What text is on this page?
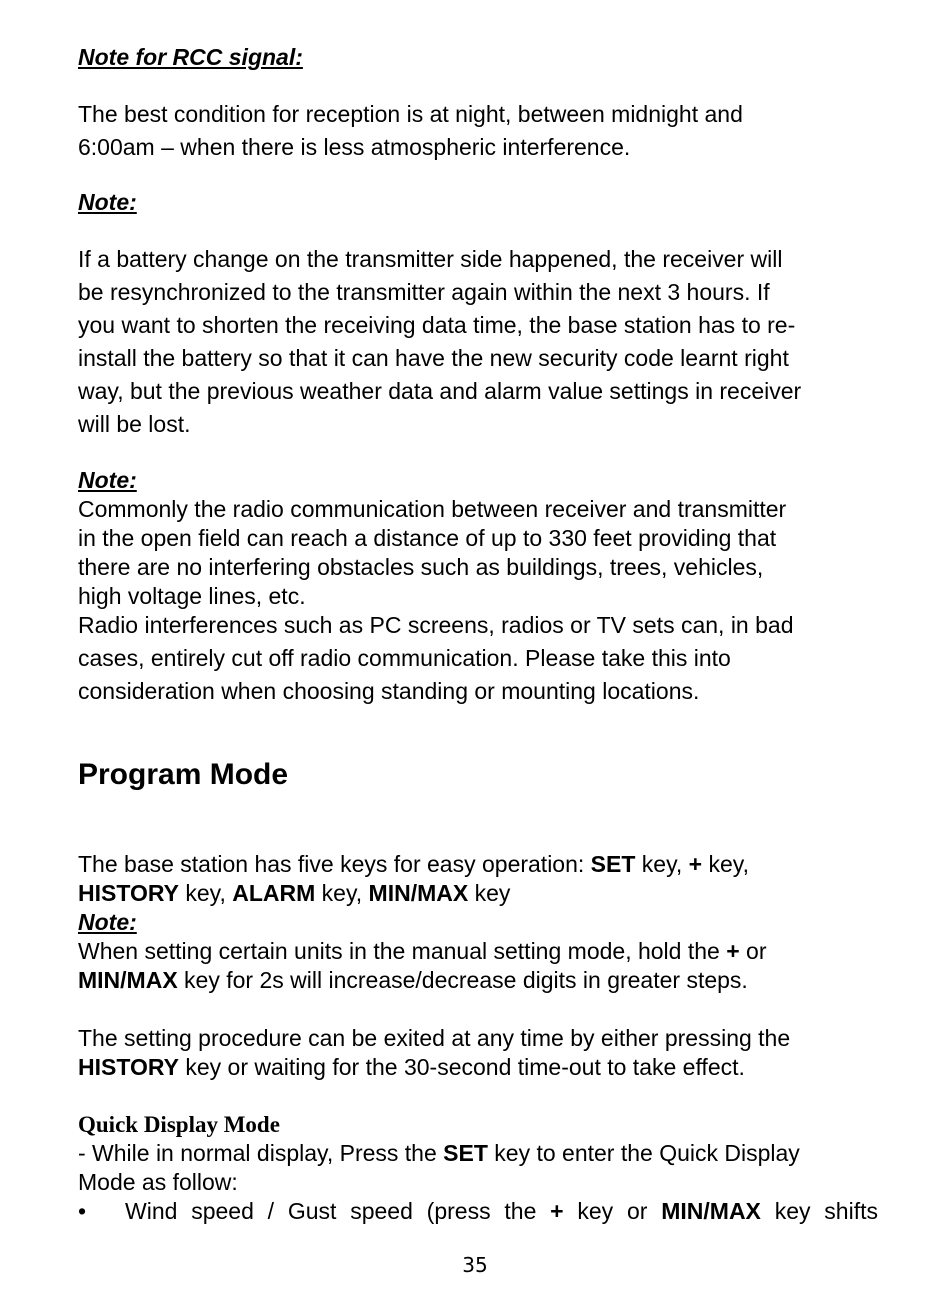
Note for RCC signal:

The best condition for reception is at night, between midnight and
6:00am – when there is less atmospheric interference.

Note:

If a battery change on the transmitter side happened, the receiver will
be resynchronized to the transmitter again within the next 3 hours. If
you want to shorten the receiving data time, the base station has to re-
install the battery so that it can have the new security code learnt right
way, but the previous weather data and alarm value settings in receiver
will be lost.

Note:

Commonly the radio communication between receiver and transmitter
in the open field can reach a distance of up to 330 feet providing that
there are no interfering obstacles such as buildings, trees, vehicles,
high voltage lines, etc.
Radio interferences such as PC screens, radios or TV sets can, in bad
cases, entirely cut off radio communication. Please take this into
consideration when choosing standing or mounting locations.
Program Mode
The base station has five keys for easy operation: SET key, + key,
HISTORY key, ALARM key, MIN/MAX key

Note:

When setting certain units in the manual setting mode, hold the + or
MIN/MAX key for 2s will increase/decrease digits in greater steps.
The setting procedure can be exited at any time by either pressing the
HISTORY key or waiting for the 30-second time-out to take effect.
Quick Display Mode
- While in normal display, Press the SET key to enter the Quick Display
Mode as follow:
• Wind speed / Gust speed (press the + key or MIN/MAX key shifts
35
